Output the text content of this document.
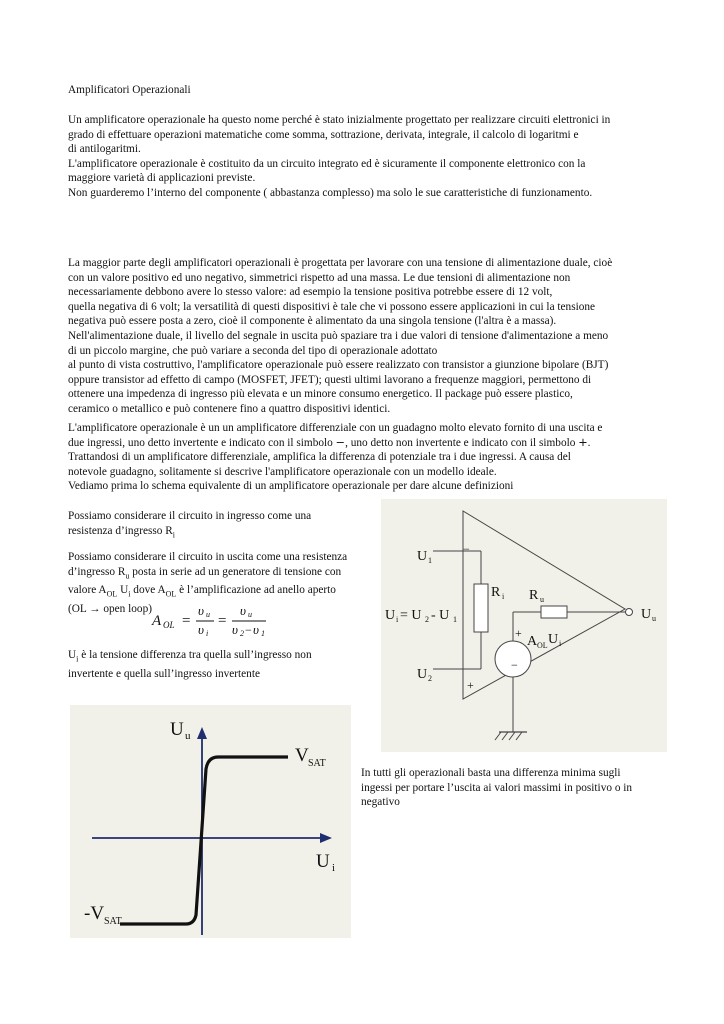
Amplificatori Operazionali
Un amplificatore operazionale ha questo nome perché è stato inizialmente progettato per realizzare circuiti elettronici in
grado di effettuare operazioni matematiche come somma, sottrazione, derivata, integrale, il calcolo di logaritmi e
di antilogaritmi.
L'amplificatore operazionale è costituito da un circuito integrato ed è sicuramente il componente elettronico con la
maggiore varietà di applicazioni previste.
Non guarderemo l’interno del componente ( abbastanza complesso) ma solo le sue caratteristiche di funzionamento.
La maggior parte degli amplificatori operazionali è progettata per lavorare con una tensione di alimentazione duale, cioè
con un valore positivo ed uno negativo, simmetrici rispetto ad una massa. Le due tensioni di alimentazione non
necessariamente debbono avere lo stesso valore: ad esempio la tensione positiva potrebbe essere di 12 volt,
quella negativa di 6 volt; la versatilità di questi dispositivi è tale che vi possono essere applicazioni in cui la tensione
negativa può essere posta a zero, cioè il componente è alimentato da una singola tensione (l'altra è a massa).
Nell'alimentazione duale, il livello del segnale in uscita può spaziare tra i due valori di tensione d'alimentazione a meno
di un piccolo margine, che può variare a seconda del tipo di operazionale adottato
al punto di vista costruttivo, l'amplificatore operazionale può essere realizzato con transistor a giunzione bipolare (BJT)
oppure transistor ad effetto di campo (MOSFET, JFET); questi ultimi lavorano a frequenze maggiori, permettono di
ottenere una impedenza di ingresso più elevata e un minore consumo energetico. Il package può essere plastico,
ceramico o metallico e può contenere fino a quattro dispositivi identici.
L'amplificatore operazionale è un un amplificatore differenziale con un guadagno molto elevato fornito di una uscita e
due ingressi, uno detto invertente e indicato con il simbolo −, uno detto non invertente e indicato con il simbolo +.
Trattandosi di un amplificatore differenziale, amplifica la differenza di potenziale tra i due ingressi. A causa del
notevole guadagno, solitamente si descrive l'amplificatore operazionale con un modello ideale.
Vediamo prima lo schema equivalente di un amplificatore operazionale per dare alcune definizioni
Possiamo considerare il circuito in ingresso come una
resistenza d’ingresso $R_i$
Possiamo considerare il circuito in uscita come una resistenza
d’ingresso $R_u$ posta in serie ad un generatore di tensione con
valore $A_{OL}$ $U_i$ dove $A_{OL}$ è l’amplificazione ad anello aperto
(OL → open loop)
A OL =
υ u
υ i
=
υ u
υ 2 − υ 1
$U_i$ è la tensione differenza tra quella sull’ingresso non
invertente e quella sull’ingresso invertente
U 1
U 2
−
+
R i R u
U i = U 2 - U 1
+
−
A OL U i
U u
U u
V SAT
U i
-V SAT
In tutti gli operazionali basta una differenza minima sugli
ingessi per portare l’uscita ai valori massimi in positivo o in
negativo
